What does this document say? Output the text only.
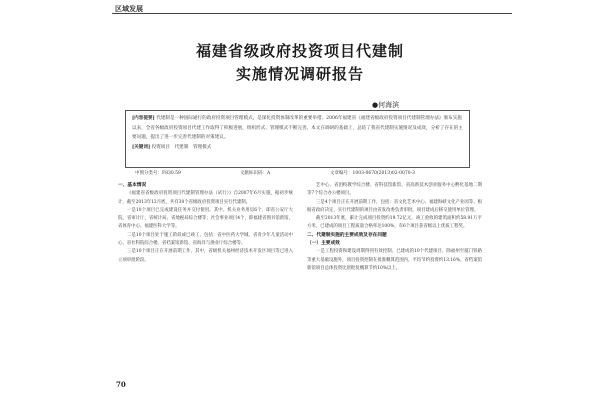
区域发展
福建省级政府投资项目代建制
实施情况调研报告
●何海滨
[内容提要] 代建制是一种国际通行的政府投资项目管理模式，是深化投资体制改革的重要举措。2006年福建省《福建省级政府投资项目代建制管理办法》颁布实施以来，全省各级政府投资项目代建工作取得了积极进展，组织形式、管理模式不断完善。本文在调研的基础上，总结了我省代建制实施情况及成效，分析了存在的主要问题，提出了进一步完善代建制的对策建议。
[关键词] 投资项目　代建制　管理模式
中图分类号：F830.59	文献标识码：A	文章编号：1003-0670(2013)02-0070-3

一、基本情况

《福建省省级政府投资项目代建制管理办法（试行）》自2007年6月实施，据初步统计，截至2013年12月底，共有30个省级政府投资项目实行代建制。

一是10个项目已完成建设任务并交付使用。其中，机关业务用房6个，即省公安厅大院、省审计厅、省统计局、省地税局综合楼等；社会事业项目4个，即福建省图书馆新馆、省体育中心、福建医科大学等。

二是10个项目处于施工阶段或已竣工，包括：省中医药大学城、省青少年儿童活动中心、省社科院综合楼、省档案馆新馆、省海洋与渔业厅综合楼等。

三是10个项目正在开展前期工作，其中，省级机关福州经济技术开发区项目等已进入立项审批阶段。

艺中心、省团校教学综合楼、省科技馆新馆、省高新技术创业服务中心孵化基地二期等7个综合办公楼项目。

三是4个项目正在开展前期工作，包括：省文化艺术中心、福建海峡文化产业园等。根据省政府决定，实行代建制的项目由省发改委负责审批，项目建成后移交使用单位管理。

截至2013年底，累计完成项目投资约19.72亿元，竣工验收的建筑面积约58.91万平方米，已建成的项目工程质量合格率达100%，有6个项目获省级以上优质工程奖。

二、代建制实施的主要成效及存在问题

（一）主要成效

一是工程投资和建设周期得到有效控制。已建成的10个代建项目，除福州至厦门铁路等重大基础设施外，项目投资控制在批准概算范围内，平均节约投资约13.16%，省档案馆新馆项目总体投资比原批复概算节约10%以上。

70
